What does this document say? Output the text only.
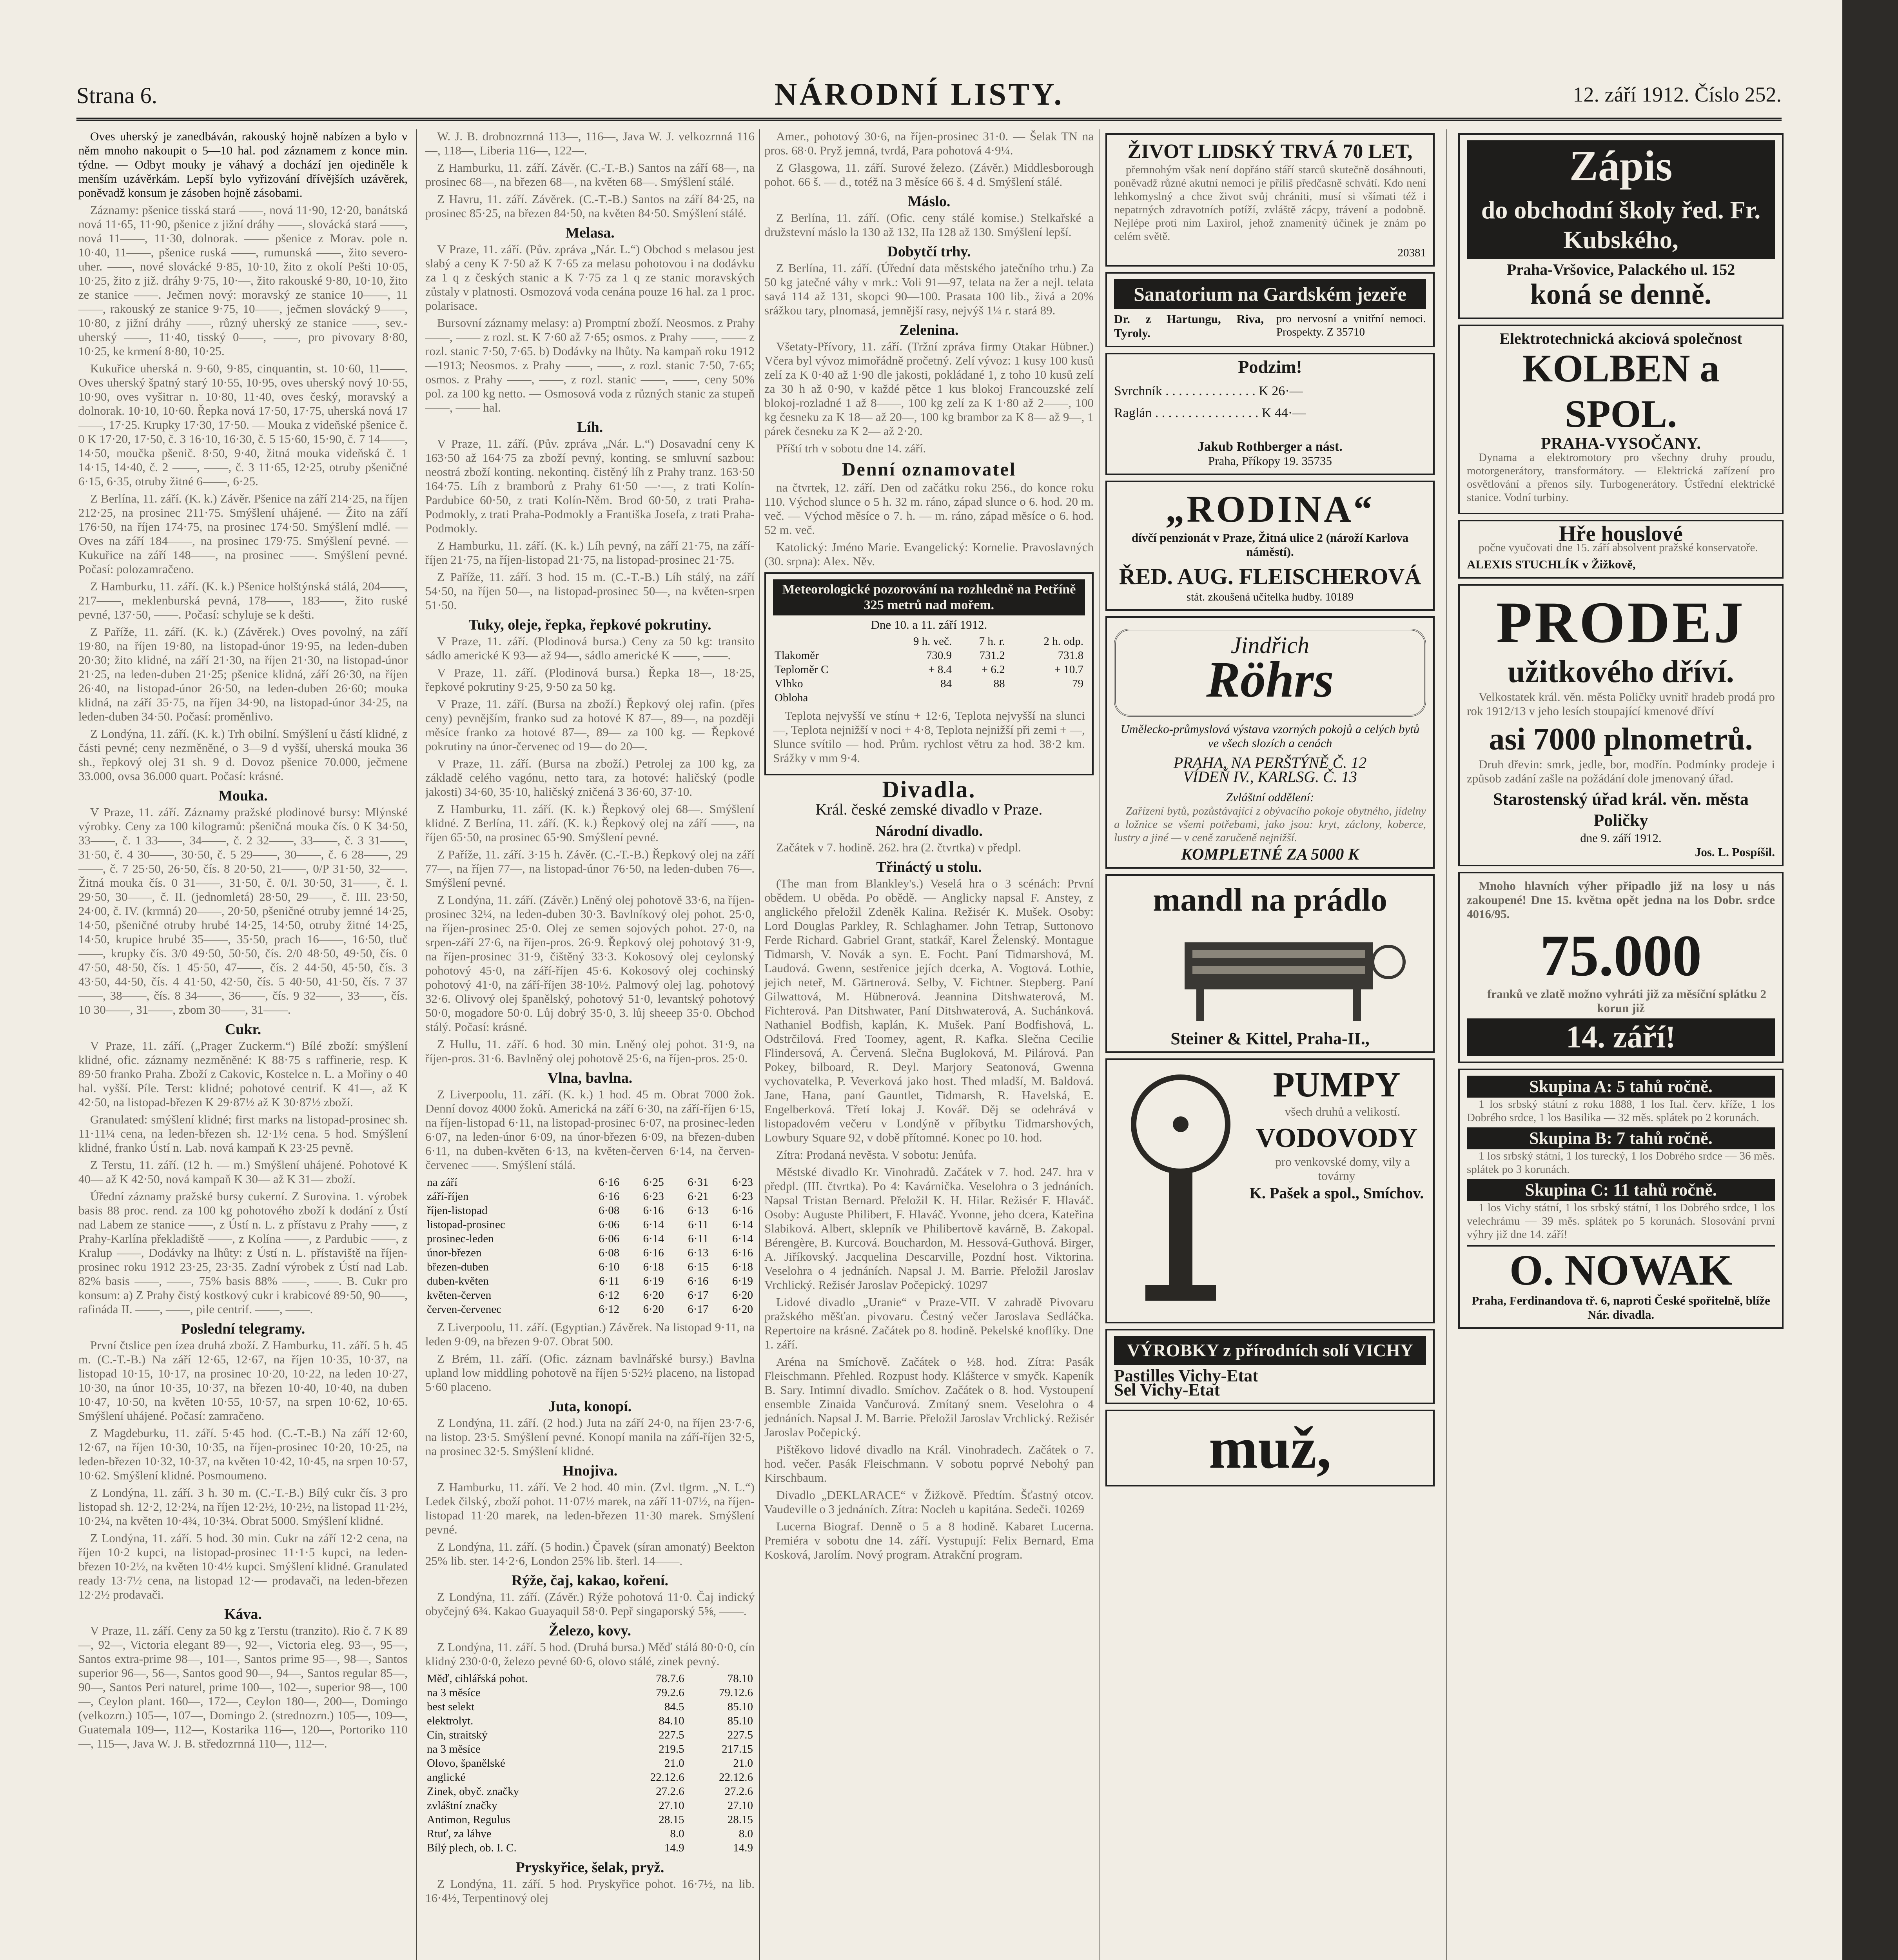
Strana 6.	NÁRODNÍ LISTY.	12. září 1912. Číslo 252.

Oves uherský je zanedbáván, rakouský hojně nabízen a bylo v něm mnoho nakoupit o 5—10 hal. pod záznamem z konce min. týdne. — Odbyt mouky je váhavý a dochází jen ojediněle k menším uzávěrkám. Lepší bylo vyřizování dřívějších uzávěrek, poněvadž konsum je zásoben hojně zásobami.

Záznamy: pšenice tisská stará ——, nová 11·90, 12·20, banátská nová 11·65, 11·90, pšenice z jižní dráhy ——, slovácká stará ——, nová 11——, 11·30, dolnorak. —— pšenice z Morav. pole n. 10·40, 11——, pšenice ruská ——, rumunská ——, žito severo-uher. ——, nové slovácké 9·85, 10·10, žito z okolí Pešti 10·05, 10·25, žito z již. dráhy 9·75, 10·—, žito rakouské 9·80, 10·10, žito ze stanice ——. Ječmen nový: moravský ze stanice 10——, 11——, rakouský ze stanice 9·75, 10——, ječmen slovácký 9——, 10·80, z jižní dráhy ——, různý uherský ze stanice ——, sev.-uherský ——, 11·40, tisský 0——, ——, pro pivovary 8·80, 10·25, ke krmení 8·80, 10·25.

Kukuřice uherská n. 9·60, 9·85, cinquantin, st. 10·60, 11——. Oves uherský špatný starý 10·55, 10·95, oves uherský nový 10·55, 10·90, oves vyšitrar n. 10·80, 11·40, oves český, moravský a dolnorak. 10·10, 10·60. Řepka nová 17·50, 17·75, uherská nová 17——, 17·25. Krupky 17·30, 17·50. — Mouka z videňské pšenice č. 0 K 17·20, 17·50, č. 3 16·10, 16·30, č. 5 15·60, 15·90, č. 7 14——, 14·50, moučka pšenič. 8·50, 9·40, žitná mouka videňská č. 1 14·15, 14·40, č. 2 ——, ——, č. 3 11·65, 12·25, otruby pšeničné 6·15, 6·35, otruby žitné 6——, 6·25.

Z Berlína, 11. září. (K. k.) Závěr. Pšenice na září 214·25, na říjen 212·25, na prosinec 211·75. Smýšlení uhájené. — Žito na září 176·50, na říjen 174·75, na prosinec 174·50. Smýšlení mdlé. — Oves na září 184——, na prosinec 179·75. Smýšlení pevné. — Kukuřice na září 148——, na prosinec ——. Smýšlení pevné. Počasí: polozamračeno.

Z Hamburku, 11. září. (K. k.) Pšenice holštýnská stálá, 204——, 217——, meklenburská pevná, 178——, 183——, žito ruské pevné, 137·50, ——. Počasí: schyluje se k dešti.

Z Paříže, 11. září. (K. k.) (Závěrek.) Oves povolný, na září 19·80, na říjen 19·80, na listopad-únor 19·95, na leden-duben 20·30; žito klidné, na září 21·30, na říjen 21·30, na listopad-únor 21·25, na leden-duben 21·25; pšenice klidná, září 26·30, na říjen 26·40, na listopad-únor 26·50, na leden-duben 26·60; mouka klidná, na září 35·75, na říjen 34·90, na listopad-únor 34·25, na leden-duben 34·50. Počasí: proměnlivo.

Z Londýna, 11. září. (K. k.) Trh obilní. Smýšlení u částí klidné, z části pevné; ceny nezměněné, o 3—9 d vyšší, uherská mouka 36 sh., řepkový olej 31 sh. 9 d. Dovoz pšenice 70.000, ječmene 33.000, ovsa 36.000 quart. Počasí: krásné.

Mouka.

V Praze, 11. září. Záznamy pražské plodinové bursy: Mlýnské výrobky. Ceny za 100 kilogramů: pšeničná mouka čís. 0 K 34·50, 33——, č. 1 33——, 34——, č. 2 32——, 33——, č. 3 31——, 31·50, č. 4 30——, 30·50, č. 5 29——, 30——, č. 6 28——, 29——, č. 7 25·50, 26·50, čís. 8 20·50, 21——, 0/P 31·50, 32——. Žitná mouka čís. 0 31——, 31·50, č. 0/I. 30·50, 31——, č. I. 29·50, 30——, č. II. (jednomletá) 28·50, 29——, č. III. 23·50, 24·00, č. IV. (krmná) 20——, 20·50, pšeničné otruby jemné 14·25, 14·50, pšeničné otruby hrubé 14·25, 14·50, otruby žitné 14·25, 14·50, krupice hrubé 35——, 35·50, prach 16——, 16·50, tluč ——, krupky čís. 3/0 49·50, 50·50, čís. 2/0 48·50, 49·50, čís. 0 47·50, 48·50, čís. 1 45·50, 47——, čís. 2 44·50, 45·50, čís. 3 43·50, 44·50, čís. 4 41·50, 42·50, čís. 5 40·50, 41·50, čís. 7 37——, 38——, čís. 8 34——, 36——, čís. 9 32——, 33——, čís. 10 30——, 31——, zbom 30——, 31——.

Cukr.

V Praze, 11. září. („Prager Zuckerm.“) Bílé zboží: smýšlení klidné, ofic. záznamy nezměněné: K 88·75 s raffinerie, resp. K 89·50 franko Praha. Zboží z Cakovic, Kostelce n. L. a Mořiny o 40 hal. vyšší. Píle. Terst: klidné; pohotové centrif. K 41—, až K 42·50, na listopad-březen K 29·87½ až K 30·87½ zboží.

Granulated: smýšlení klidné; first marks na listopad-prosinec sh. 11·11¼ cena, na leden-březen sh. 12·1½ cena. 5 hod. Smýšlení klidné, franko Ústí n. Lab. nová kampaň K 23·25 pevně.

Z Terstu, 11. září. (12 h. — m.) Smýšlení uhájené. Pohotové K 40— až K 42·50, nová kampaň K 30— až K 31— zboží.

Úřední záznamy pražské bursy cukerní. Z Surovina. 1. výrobek basis 88 proc. rend. za 100 kg pohotového zboží k dodání z Ústí nad Labem ze stanice ——, z Ústí n. L. z přístavu z Prahy ——, z Prahy-Karlína překladiště ——, z Kolína ——, z Pardubic ——, z Kralup ——, Dodávky na lhůty: z Ústí n. L. přístaviště na říjen-prosinec roku 1912 23·25, 23·35. Zadní výrobek z Ústí nad Lab. 82% basis ——, ——, 75% basis 88% ——, ——. B. Cukr pro konsum: a) Z Prahy čistý kostkový cukr i krabicové 89·50, 90——, rafináda II. ——, ——, pile centrif. ——, ——.

Poslední telegramy.

První čtslice pen ízea druhá zboží. Z Hamburku, 11. září. 5 h. 45 m. (C.-T.-B.) Na září 12·65, 12·67, na říjen 10·35, 10·37, na listopad 10·15, 10·17, na prosinec 10·20, 10·22, na leden 10·27, 10·30, na únor 10·35, 10·37, na březen 10·40, 10·40, na duben 10·47, 10·50, na květen 10·55, 10·57, na srpen 10·62, 10·65. Smýšlení uhájené. Počasí: zamračeno.

Z Magdeburku, 11. září. 5·45 hod. (C.-T.-B.) Na září 12·60, 12·67, na říjen 10·30, 10·35, na říjen-prosinec 10·20, 10·25, na leden-březen 10·32, 10·37, na květen 10·42, 10·45, na srpen 10·57, 10·62. Smýšlení klidné. Posmoumeno.

Z Londýna, 11. září. 3 h. 30 m. (C.-T.-B.) Bílý cukr čís. 3 pro listopad sh. 12·2, 12·2¼, na říjen 12·2½, 10·2½, na listopad 11·2½, 10·2¼, na květen 10·4¾, 10·3¼. Obrat 5000. Smýšlení klidné.

Z Londýna, 11. září. 5 hod. 30 min. Cukr na září 12·2 cena, na říjen 10·2 kupci, na listopad-prosinec 11·1·5 kupci, na leden-březen 10·2½, na květen 10·4½ kupci. Smýšlení klidné. Granulated ready 13·7½ cena, na listopad 12·— prodavači, na leden-březen 12·2½ prodavači.

Káva.

V Praze, 11. září. Ceny za 50 kg z Terstu (tranzito). Rio č. 7 K 89—, 92—, Victoria elegant 89—, 92—, Victoria eleg. 93—, 95—, Santos extra-prime 98—, 101—, Santos prime 95—, 98—, Santos superior 96—, 56—, Santos good 90—, 94—, Santos regular 85—, 90—, Santos Peri naturel, prime 100—, 102—, superior 98—, 100—, Ceylon plant. 160—, 172—, Ceylon 180—, 200—, Domingo (velkozrn.) 105—, 107—, Domingo 2. (strednozrn.) 105—, 109—, Guatemala 109—, 112—, Kostarika 116—, 120—, Portoriko 110—, 115—, Java W. J. B. středozrnná 110—, 112—.

W. J. B. drobnozrnná 113—, 116—, Java W. J. velkozrnná 116—, 118—, Liberia 116—, 122—.

Z Hamburku, 11. září. Závěr. (C.-T.-B.) Santos na září 68—, na prosinec 68—, na březen 68—, na květen 68—. Smýšlení stálé.

Z Havru, 11. září. Závěrek. (C.-T.-B.) Santos na září 84·25, na prosinec 85·25, na březen 84·50, na květen 84·50. Smýšlení stálé.

Melasa.

V Praze, 11. září. (Pův. zpráva „Nár. L.“) Obchod s melasou jest slabý a ceny K 7·50 až K 7·65 za melasu pohotovou i na dodávku za 1 q z českých stanic a K 7·75 za 1 q ze stanic moravských zůstaly v platnosti. Osmozová voda cenána pouze 16 hal. za 1 proc. polarisace.

Bursovní záznamy melasy: a) Promptní zboží. Neosmos. z Prahy ——, —— z rozl. st. K 7·60 až 7·65; osmos. z Prahy ——, —— z rozl. stanic 7·50, 7·65. b) Dodávky na lhůty. Na kampaň roku 1912—1913; Neosmos. z Prahy ——, ——, z rozl. stanic 7·50, 7·65; osmos. z Prahy ——, ——, z rozl. stanic ——, ——, ceny 50% pol. za 100 kg netto. — Osmosová voda z různých stanic za stupeň ——, —— hal.

Líh.

V Praze, 11. září. (Pův. zpráva „Nár. L.“) Dosavadní ceny K 163·50 až 164·75 za zboží pevný, konting. se smluvní sazbou: neostrá zboží konting. nekontinq. čistěný líh z Prahy tranz. 163·50 164·75. Líh z bramborů z Prahy 61·50 —·—, z trati Kolín-Pardubice 60·50, z trati Kolín-Něm. Brod 60·50, z trati Praha-Podmokly, z trati Praha-Podmokly a Františka Josefa, z trati Praha-Podmokly.

Z Hamburku, 11. září. (K. k.) Líh pevný, na září 21·75, na září-říjen 21·75, na říjen-listopad 21·75, na listopad-prosinec 21·75.

Z Paříže, 11. září. 3 hod. 15 m. (C.-T.-B.) Líh stálý, na září 54·50, na říjen 50—, na listopad-prosinec 50—, na květen-srpen 51·50.

Tuky, oleje, řepka, řepkové pokrutiny.

V Praze, 11. září. (Plodinová bursa.) Ceny za 50 kg: transito sádlo americké K 93— až 94—, sádlo americké K ——, ——.

V Praze, 11. září. (Plodinová bursa.) Řepka 18—, 18·25, řepkové pokrutiny 9·25, 9·50 za 50 kg.

V Praze, 11. září. (Bursa na zboží.) Řepkový olej rafin. (přes ceny) pevnějším, franko sud za hotové K 87—, 89—, na později měsíce franko za hotové 87—, 89— za 100 kg. — Řepkové pokrutiny na únor-červenec od 19— do 20—.

V Praze, 11. září. (Bursa na zboží.) Petrolej za 100 kg, za základě celého vagónu, netto tara, za hotové: haličský (podle jakosti) 34·60, 35·10, haličský zničená 3 36·60, 37·10.

Z Hamburku, 11. září. (K. k.) Řepkový olej 68—. Smýšlení klidné. Z Berlína, 11. září. (K. k.) Řepkový olej na září ——, na říjen 65·50, na prosinec 65·90. Smýšlení pevné.

Z Paříže, 11. září. 3·15 h. Závěr. (C.-T.-B.) Řepkový olej na září 77—, na říjen 77—, na listopad-únor 76·50, na leden-duben 76—. Smýšlení pevné.

Z Londýna, 11. září. (Závěr.) Lněný olej pohotově 33·6, na říjen-prosinec 32¼, na leden-duben 30·3. Bavlníkový olej pohot. 25·0, na říjen-prosinec 25·0. Olej ze semen sojových pohot. 27·0, na srpen-září 27·6, na říjen-pros. 26·9. Řepkový olej pohotový 31·9, na říjen-prosinec 31·9, čištěný 33·3. Kokosový olej ceylonský pohotový 45·0, na září-říjen 45·6. Kokosový olej cochinský pohotový 41·0, na září-říjen 38·10½. Palmový olej lag. pohotový 32·6. Olivový olej španělský, pohotový 51·0, levantský pohotový 50·0, mogadore 50·0. Lůj dobrý 35·0, 3. lůj sheeep 35·0. Obchod stálý. Počasí: krásné.

Z Hullu, 11. září. 6 hod. 30 min. Lněný olej pohot. 31·9, na říjen-pros. 31·6. Bavlněný olej pohotově 25·6, na říjen-pros. 25·0.

Vlna, bavlna.

Z Liverpoolu, 11. září. (K. k.) 1 hod. 45 m. Obrat 7000 žok. Denní dovoz 4000 žoků. Americká na září 6·30, na září-říjen 6·15, na říjen-listopad 6·11, na listopad-prosinec 6·07, na prosinec-leden 6·07, na leden-únor 6·09, na únor-březen 6·09, na březen-duben 6·11, na duben-květen 6·13, na květen-červen 6·14, na červen-červenec ——. Smýšlení stálá.

na září	6·16	6·25	6·31	6·23
září-říjen	6·16	6·23	6·21	6·23
říjen-listopad	6·08	6·16	6·13	6·16
listopad-prosinec	6·06	6·14	6·11	6·14
prosinec-leden	6·06	6·14	6·11	6·14
únor-březen	6·08	6·16	6·13	6·16
březen-duben	6·10	6·18	6·15	6·18
duben-květen	6·11	6·19	6·16	6·19
květen-červen	6·12	6·20	6·17	6·20
červen-červenec	6·12	6·20	6·17	6·20

Z Liverpoolu, 11. září. (Egyptian.) Závěrek. Na listopad 9·11, na leden 9·09, na březen 9·07. Obrat 500.

Z Brém, 11. září. (Ofic. záznam bavlnářské bursy.) Bavlna upland low middling pohotově na říjen 5·52½ placeno, na listopad 5·60 placeno.

Juta, konopí.

Z Londýna, 11. září. (2 hod.) Juta na září 24·0, na říjen 23·7·6, na listop. 23·5. Smýšlení pevné. Konopí manila na září-říjen 32·5, na prosinec 32·5. Smýšlení klidné.

Hnojiva.

Z Hamburku, 11. září. Ve 2 hod. 40 min. (Zvl. tlgrm. „N. L.“) Ledek čilský, zboží pohot. 11·07½ marek, na září 11·07½, na říjen-listopad 11·20 marek, na leden-březen 11·30 marek. Smýšlení pevné.

Z Londýna, 11. září. (5 hodin.) Čpavek (síran amonatý) Beekton 25% lib. ster. 14·2·6, London 25% lib. šterl. 14——.

Rýže, čaj, kakao, koření.

Z Londýna, 11. září. (Závěr.) Rýže pohotová 11·0. Čaj indický obyčejný 6¾. Kakao Guayaquil 58·0. Pepř singaporský 5⅝, ——.

Železo, kovy.

Z Londýna, 11. září. 5 hod. (Druhá bursa.) Měď stálá 80·0·0, cín klidný 230·0·0, železo pevné 60·6, olovo stálé, zinek pevný.

Měď, cihlářská pohot.	78.7.6	78.10
na 3 měsíce	79.2.6	79.12.6
best selekt	84.5	85.10
elektrolyt.	84.10	85.10
Cín, straitský	227.5	227.5
na 3 měsíce	219.5	217.15
Olovo, španělské	21.0	21.0
anglické	22.12.6	22.12.6
Zinek, obyč. značky	27.2.6	27.2.6
zvláštní značky	27.10	27.10
Antimon, Regulus	28.15	28.15
Rtuť, za láhve	8.0	8.0
Bílý plech, ob. I. C.	14.9	14.9
Pryskyřice, šelak, pryž.

Z Londýna, 11. září. 5 hod. Pryskyřice pohot. 16·7½, na lib. 16·4½, Terpentinový olej

Amer., pohotový 30·6, na říjen-prosinec 31·0. — Šelak TN na pros. 68·0. Pryž jemná, tvrdá, Para pohotová 4·9¼.

Z Glasgowa, 11. září. Surové železo. (Závěr.) Middlesborough pohot. 66 š. — d., totéž na 3 měsíce 66 š. 4 d. Smýšlení stálé.

Máslo.

Z Berlína, 11. září. (Ofic. ceny stálé komise.) Stelkařské a družstevní máslo la 130 až 132, IIa 128 až 130. Smýšlení lepší.

Dobytčí trhy.

Z Berlína, 11. září. (Úřední data městského jatečního trhu.) Za 50 kg jatečné váhy v mrk.: Voli 91—97, telata na žer a nejl. telata savá 114 až 131, skopci 90—100. Prasata 100 lib., živá a 20% srážkou tary, plnomasá, jemnější rasy, nejvýš 1¼ r. stará 89.

Zelenina.

Všetaty-Přívory, 11. září. (Tržní zpráva firmy Otakar Hübner.) Včera byl vývoz mimořádně pročetný. Zelí vývoz: 1 kusy 100 kusů zelí za K 0·40 až 1·90 dle jakosti, pokládané 1, z toho 10 kusů zelí za 30 h až 0·90, v každé pětce 1 kus blokoj Francouzské zelí blokoj-rozladné 1 až 8——, 100 kg zelí za K 1·80 až 2——, 100 kg česneku za K 18— až 20—, 100 kg brambor za K 8— až 9—, 1 párek česneku za K 2— až 2·20.

Příští trh v sobotu dne 14. září.

Denní oznamovatel

na čtvrtek, 12. září. Den od začátku roku 256., do konce roku 110. Východ slunce o 5 h. 32 m. ráno, západ slunce o 6. hod. 20 m. več. — Východ měsíce o 7. h. — m. ráno, západ měsíce o 6. hod. 52 m. več.

Katolický: Jméno Marie. Evangelický: Kornelie. Pravoslavných (30. srpna): Alex. Něv.

Meteorologické pozorování na rozhledně na Petříně 325 metrů nad mořem.
Dne 10. a 11. září 1912.
	9 h. več.	7 h. r.	2 h. odp.
Tlakoměr	730.9	731.2	731.8
Teploměr C	+ 8.4	+ 6.2	+ 10.7
Vlhko	84	88	79
Obloha			

Teplota nejvyšší ve stínu + 12·6, Teplota nejvyšší na slunci —, Teplota nejnižší v noci + 4·8, Teplota nejnižší při zemi + —, Slunce svítilo — hod. Prům. rychlost větru za hod. 38·2 km. Srážky v mm 9·4.

Divadla.
Král. české zemské divadlo v Praze.
Národní divadlo.

Začátek v 7. hodině. 262. hra (2. čtvrtka) v předpl.

Třináctý u stolu.

(The man from Blankley's.) Veselá hra o 3 scénách: První obědem. U oběda. Po obědě. — Anglicky napsal F. Anstey, z anglického přeložil Zdeněk Kalina. Režisér K. Mušek. Osoby: Lord Douglas Parkley, R. Schlaghamer. John Tetrap, Suttonovo Ferde Richard. Gabriel Grant, statkář, Karel Želenský. Montague Tidmarsh, V. Novák a syn. E. Focht. Paní Tidmarshová, M. Laudová. Gwenn, sestřenice jejích dcerka, A. Vogtová. Lothie, jejich neteř, M. Gärtnerová. Selby, V. Fichtner. Stepberg. Paní Gilwattová, M. Hübnerová. Jeannina Ditshwaterová, M. Fichterová. Pan Ditshwater, Paní Ditshwaterová, A. Suchánková. Nathaniel Bodfish, kaplán, K. Mušek. Paní Bodfishová, L. Odstrčilová. Fred Toomey, agent, R. Kafka. Slečna Cecilie Flindersová, A. Červená. Slečna Bugloková, M. Pilárová. Pan Pokey, bilboard, R. Deyl. Marjory Seatonová, Gwenna vychovatelka, P. Veverková jako host. Thed mladší, M. Baldová. Jane, Hana, paní Gauntlet, Tidmarsh, R. Havelská, E. Engelberková. Třetí lokaj J. Kovář. Děj se odehrává v listopadovém večeru v Londýně v příbytku Tidmarshových, Lowbury Square 92, v době přítomné. Konec po 10. hod.

Zítra: Prodaná nevěsta. V sobotu: Jenůfa.

Městské divadlo Kr. Vinohradů. Začátek v 7. hod. 247. hra v předpl. (III. čtvrtka). Po 4: Kavárnička. Veselohra o 3 jednáních. Napsal Tristan Bernard. Přeložil K. H. Hilar. Režisér F. Hlaváč. Osoby: Auguste Philibert, F. Hlaváč. Yvonne, jeho dcera, Kateřina Slabiková. Albert, sklepník ve Philibertově kavárně, B. Zakopal. Bérengère, B. Kurcová. Bouchardon, M. Hessová-Guthová. Birger, A. Jiříkovský. Jacquelina Descarville, Pozdní host. Viktorina. Veselohra o 4 jednáních. Napsal J. M. Barrie. Přeložil Jaroslav Vrchlický. Režisér Jaroslav Počepický. 10297

Lidové divadlo „Uranie“ v Praze-VII. V zahradě Pivovaru pražského měšťan. pivovaru. Čestný večer Jaroslava Sedláčka. Repertoire na krásné. Začátek po 8. hodině. Pekelské knoflíky. Dne 1. září.

Aréna na Smíchově. Začátek o ½8. hod. Zítra: Pasák Fleischmann. Přehled. Rozpust hody. Klášterce v smyčk. Kapeník B. Sary. Intimní divadlo. Smíchov. Začátek o 8. hod. Vystoupení ensemble Zinaida Vančurová. Zmítaný snem. Veselohra o 4 jednáních. Napsal J. M. Barrie. Přeložil Jaroslav Vrchlický. Režisér Jaroslav Počepický.

Pištěkovo lidové divadlo na Král. Vinohradech. Začátek o 7. hod. večer. Pasák Fleischmann. V sobotu poprvé Nebohý pan Kirschbaum.

Divadlo „DEKLARACE“ v Žižkově. Předtím. Šťastný otcov. Vaudeville o 3 jednáních. Zítra: Nocleh u kapitána. Sedeči. 10269

Lucerna Biograf. Denně o 5 a 8 hodině. Kabaret Lucerna. Premiéra v sobotu dne 14. září. Vystupují: Felix Bernard, Ema Kosková, Jarolím. Nový program. Atrakční program.

ŽIVOT LIDSKÝ TRVÁ 70 LET,

přemnohým však není dopřáno stáří starců skutečně dosáhnouti, poněvadž různé akutní nemoci je příliš předčasně schvátí. Kdo není lehkomyslný a chce život svůj chrániti, musí si všímati též i nepatrných zdravotních potíží, zvláště zácpy, trávení a podobně. Nejlépe proti nim Laxirol, jehož znamenitý účinek je znám po celém světě.

20381
Sanatorium na Gardském jezeře
Dr. z Hartungu, Riva, Tyroly.
pro nervosní a vnitřní nemoci. Prospekty. Z 35710
Podzim!
Svrchník . . . . . . . . . . . . . . K 26·—
Raglán . . . . . . . . . . . . . . . . K 44·—
Jakub Rothberger a nást.
Praha, Příkopy 19. 35735
„RODINA“
dívčí penzionát v Praze, Žitná ulice 2 (nároží Karlova náměstí).
ŘED. AUG. FLEISCHEROVÁ
stát. zkoušená učitelka hudby. 10189
Jindřich
Röhrs
Umělecko-průmyslová výstava vzorných pokojů a celých bytů ve všech slozích a cenách
PRAHA, NA PERŠTÝNĚ Č. 12
VÍDEŇ IV., KARLSG. Č. 13
Zvláštní oddělení:

Zařízení bytů, pozůstávající z obývacího pokoje obytného, jídelny a ložnice se všemi potřebami, jako jsou: kryt, záclony, koberce, lustry a jiné — v ceně zaručeně nejnižší.

KOMPLETNÉ ZA 5000 K
mandl na prádlo
Steiner & Kittel, Praha-II.,
PUMPY

všech druhů a velikostí.

VODOVODY

pro venkovské domy, vily a továrny

K. Pašek a spol., Smíchov.
VÝROBKY z přírodních solí VICHY
Pastilles Vichy-Etat
Sel Vichy-Etat
muž,
Zápis
do obchodní školy řed. Fr. Kubského,
Praha-Vršovice, Palackého ul. 152
koná se denně.
Elektrotechnická akciová společnost
KOLBEN a SPOL.
PRAHA-VYSOČANY.

Dynama a elektromotory pro všechny druhy proudu, motorgenerátory, transformátory. — Elektrická zařízení pro osvětlování a přenos síly. Turbogenerátory. Ústřední elektrické stanice. Vodní turbiny.

Hře houslové

počne vyučovati dne 15. září absolvent pražské konservatoře.

ALEXIS STUCHLÍK v Žižkově,
PRODEJ
užitkového dříví.

Velkostatek král. věn. města Poličky uvnitř hradeb prodá pro rok 1912/13 v jeho lesích stoupající kmenové dříví

asi 7000 plnometrů.

Druh dřevin: smrk, jedle, bor, modřín. Podmínky prodeje i způsob zadání zašle na požádání dole jmenovaný úřad.

Starostenský úřad král. věn. města Poličky
dne 9. září 1912.
Jos. L. Pospíšil.

Mnoho hlavních výher připadlo již na losy u nás zakoupené! Dne 15. května opět jedna na los Dobr. srdce 4016/95.

75.000

franků ve zlatě možno vyhráti již za měsíční splátku 2 korun již

14. září!
Skupina A: 5 tahů ročně.

1 los srbský státní z roku 1888, 1 los Ital. červ. kříže, 1 los Dobrého srdce, 1 los Basilika — 32 měs. splátek po 2 korunách.

Skupina B: 7 tahů ročně.

1 los srbský státní, 1 los turecký, 1 los Dobrého srdce — 36 měs. splátek po 3 korunách.

Skupina C: 11 tahů ročně.

1 los Vichy státní, 1 los srbský státní, 1 los Dobrého srdce, 1 los velechrámu — 39 měs. splátek po 5 korunách. Slosování první výhry již dne 14. září!

O. NOWAK
Praha, Ferdinandova tř. 6, naproti České spořitelně, blíže Nár. divadla.
